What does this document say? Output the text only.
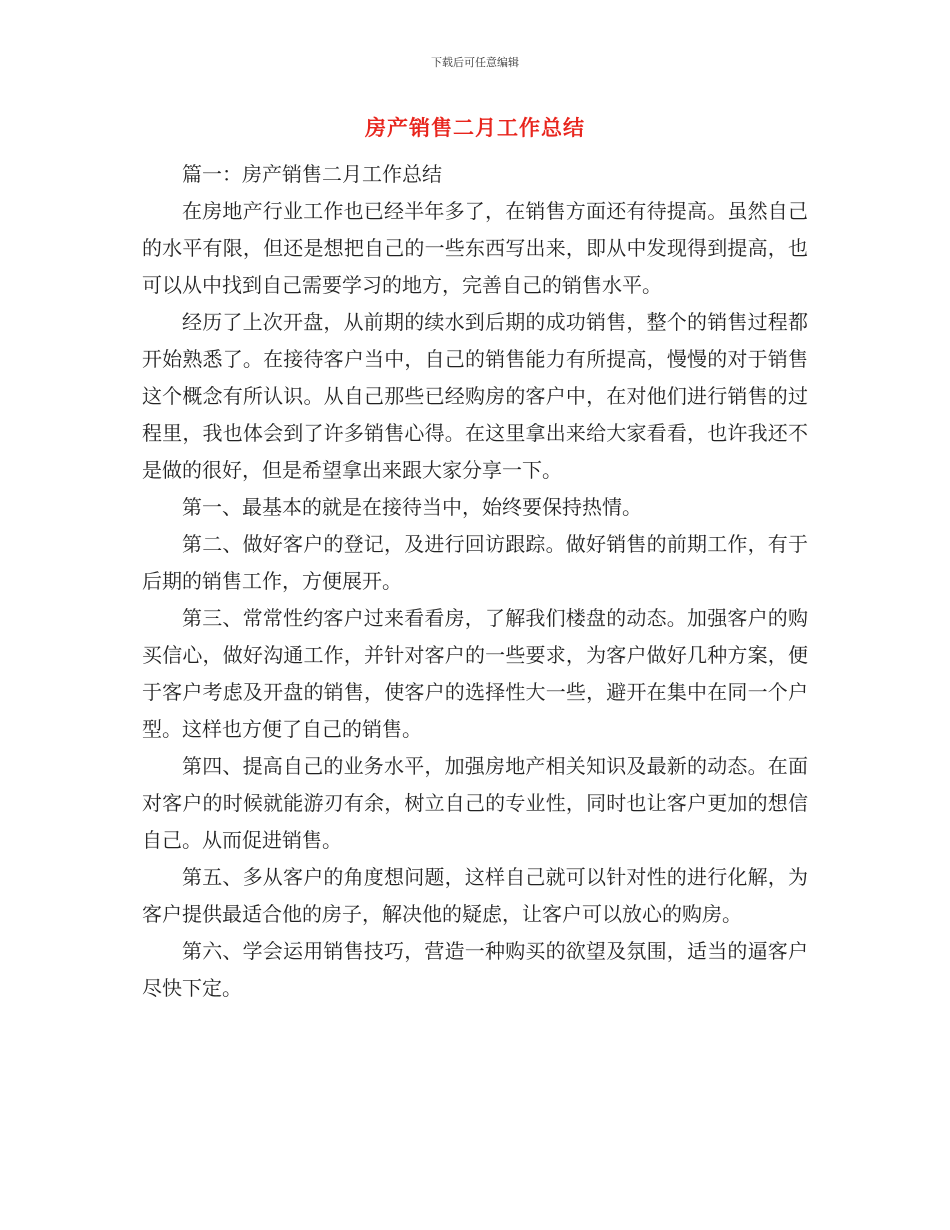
下载后可任意编辑
房产销售二月工作总结

篇一：房产销售二月工作总结

在房地产行业工作也已经半年多了，在销售方面还有待提高。虽然自己的水平有限，但还是想把自己的一些东西写出来，即从中发现得到提高，也可以从中找到自己需要学习的地方，完善自己的销售水平。

经历了上次开盘，从前期的续水到后期的成功销售，整个的销售过程都开始熟悉了。在接待客户当中，自己的销售能力有所提高，慢慢的对于销售这个概念有所认识。从自己那些已经购房的客户中，在对他们进行销售的过程里，我也体会到了许多销售心得。在这里拿出来给大家看看，也许我还不是做的很好，但是希望拿出来跟大家分享一下。

第一、最基本的就是在接待当中，始终要保持热情。

第二、做好客户的登记，及进行回访跟踪。做好销售的前期工作，有于后期的销售工作，方便展开。

第三、常常性约客户过来看看房，了解我们楼盘的动态。加强客户的购买信心，做好沟通工作，并针对客户的一些要求，为客户做好几种方案，便于客户考虑及开盘的销售，使客户的选择性大一些，避开在集中在同一个户型。这样也方便了自己的销售。

第四、提高自己的业务水平，加强房地产相关知识及最新的动态。在面对客户的时候就能游刃有余，树立自己的专业性，同时也让客户更加的想信自己。从而促进销售。

第五、多从客户的角度想问题，这样自己就可以针对性的进行化解，为客户提供最适合他的房子，解决他的疑虑，让客户可以放心的购房。

第六、学会运用销售技巧，营造一种购买的欲望及氛围，适当的逼客户尽快下定。
